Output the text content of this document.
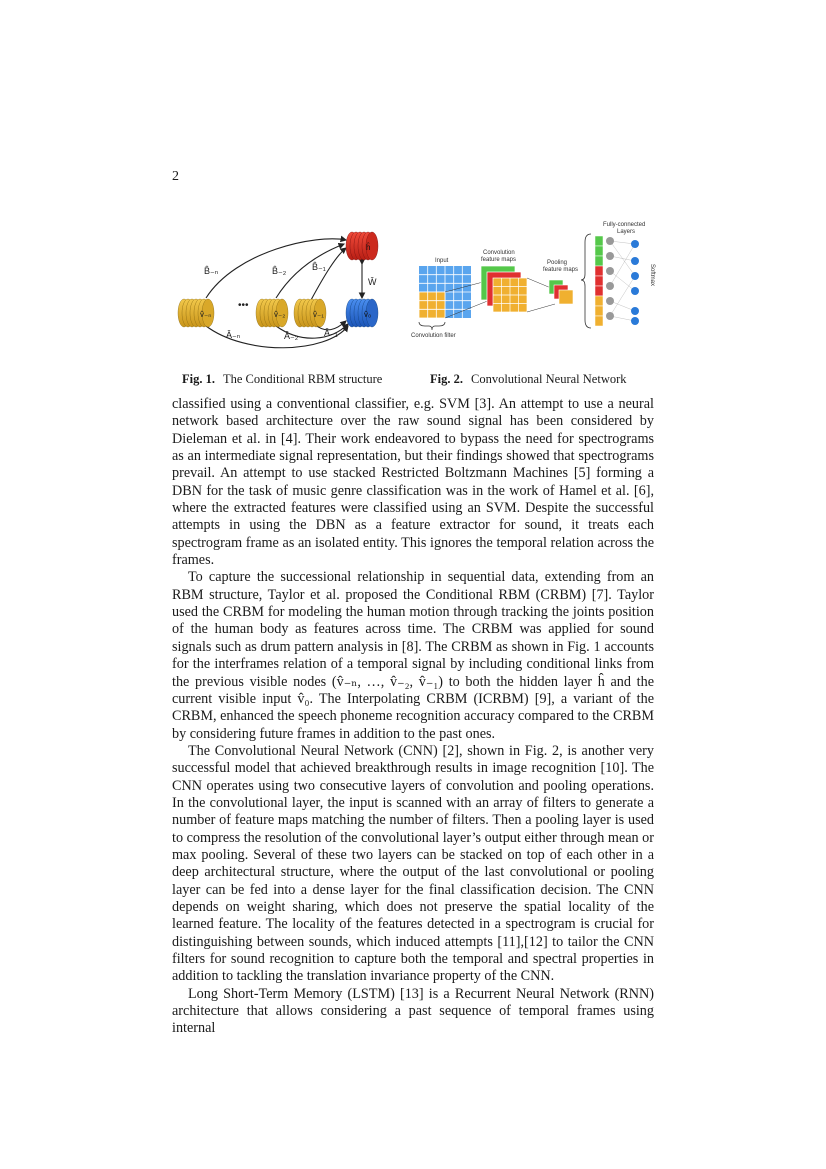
2
v̂₋ₙ
•••
v̂₋₂	v̂₋₁	v̂₀
ĥ
B̂₋ₙ	B̂₋₂	B̂₋₁
Ŵ
Â₋ₙ	Â₋₂	Â₋₁
Input
Convolution filter
Convolution
feature maps	Pooling
feature maps
Fully-connected
Layers
Softmax
Fig. 1. The Conditional RBM structure	Fig. 2. Convolutional Neural Network

classified using a conventional classifier, e.g. SVM [3]. An attempt to use a neural network based architecture over the raw sound signal has been considered by Dieleman et al. in [4]. Their work endeavored to bypass the need for spectrograms as an intermediate signal representation, but their findings showed that spectrograms prevail. An attempt to use stacked Restricted Boltzmann Machines [5] forming a DBN for the task of music genre classification was in the work of Hamel et al. [6], where the extracted features were classified using an SVM. Despite the successful attempts in using the DBN as a feature extractor for sound, it treats each spectrogram frame as an isolated entity. This ignores the temporal relation across the frames.

To capture the successional relationship in sequential data, extending from an RBM structure, Taylor et al. proposed the Conditional RBM (CRBM) [7]. Taylor used the CRBM for modeling the human motion through tracking the joints position of the human body as features across time. The CRBM was applied for sound signals such as drum pattern analysis in [8]. The CRBM as shown in Fig. 1 accounts for the interframes relation of a temporal signal by including conditional links from the previous visible nodes (v̂₋ₙ, …, v̂₋₂, v̂₋₁) to both the hidden layer ĥ and the current visible input v̂₀. The Interpolating CRBM (ICRBM) [9], a variant of the CRBM, enhanced the speech phoneme recognition accuracy compared to the CRBM by considering future frames in addition to the past ones.

The Convolutional Neural Network (CNN) [2], shown in Fig. 2, is another very successful model that achieved breakthrough results in image recognition [10]. The CNN operates using two consecutive layers of convolution and pooling operations. In the convolutional layer, the input is scanned with an array of filters to generate a number of feature maps matching the number of filters. Then a pooling layer is used to compress the resolution of the convolutional layer’s output either through mean or max pooling. Several of these two layers can be stacked on top of each other in a deep architectural structure, where the output of the last convolutional or pooling layer can be fed into a dense layer for the final classification decision. The CNN depends on weight sharing, which does not preserve the spatial locality of the learned feature. The locality of the features detected in a spectrogram is crucial for distinguishing between sounds, which induced attempts [11],[12] to tailor the CNN filters for sound recognition to capture both the temporal and spectral properties in addition to tackling the translation invariance property of the CNN.

Long Short-Term Memory (LSTM) [13] is a Recurrent Neural Network (RNN) architecture that allows considering a past sequence of temporal frames using internal
